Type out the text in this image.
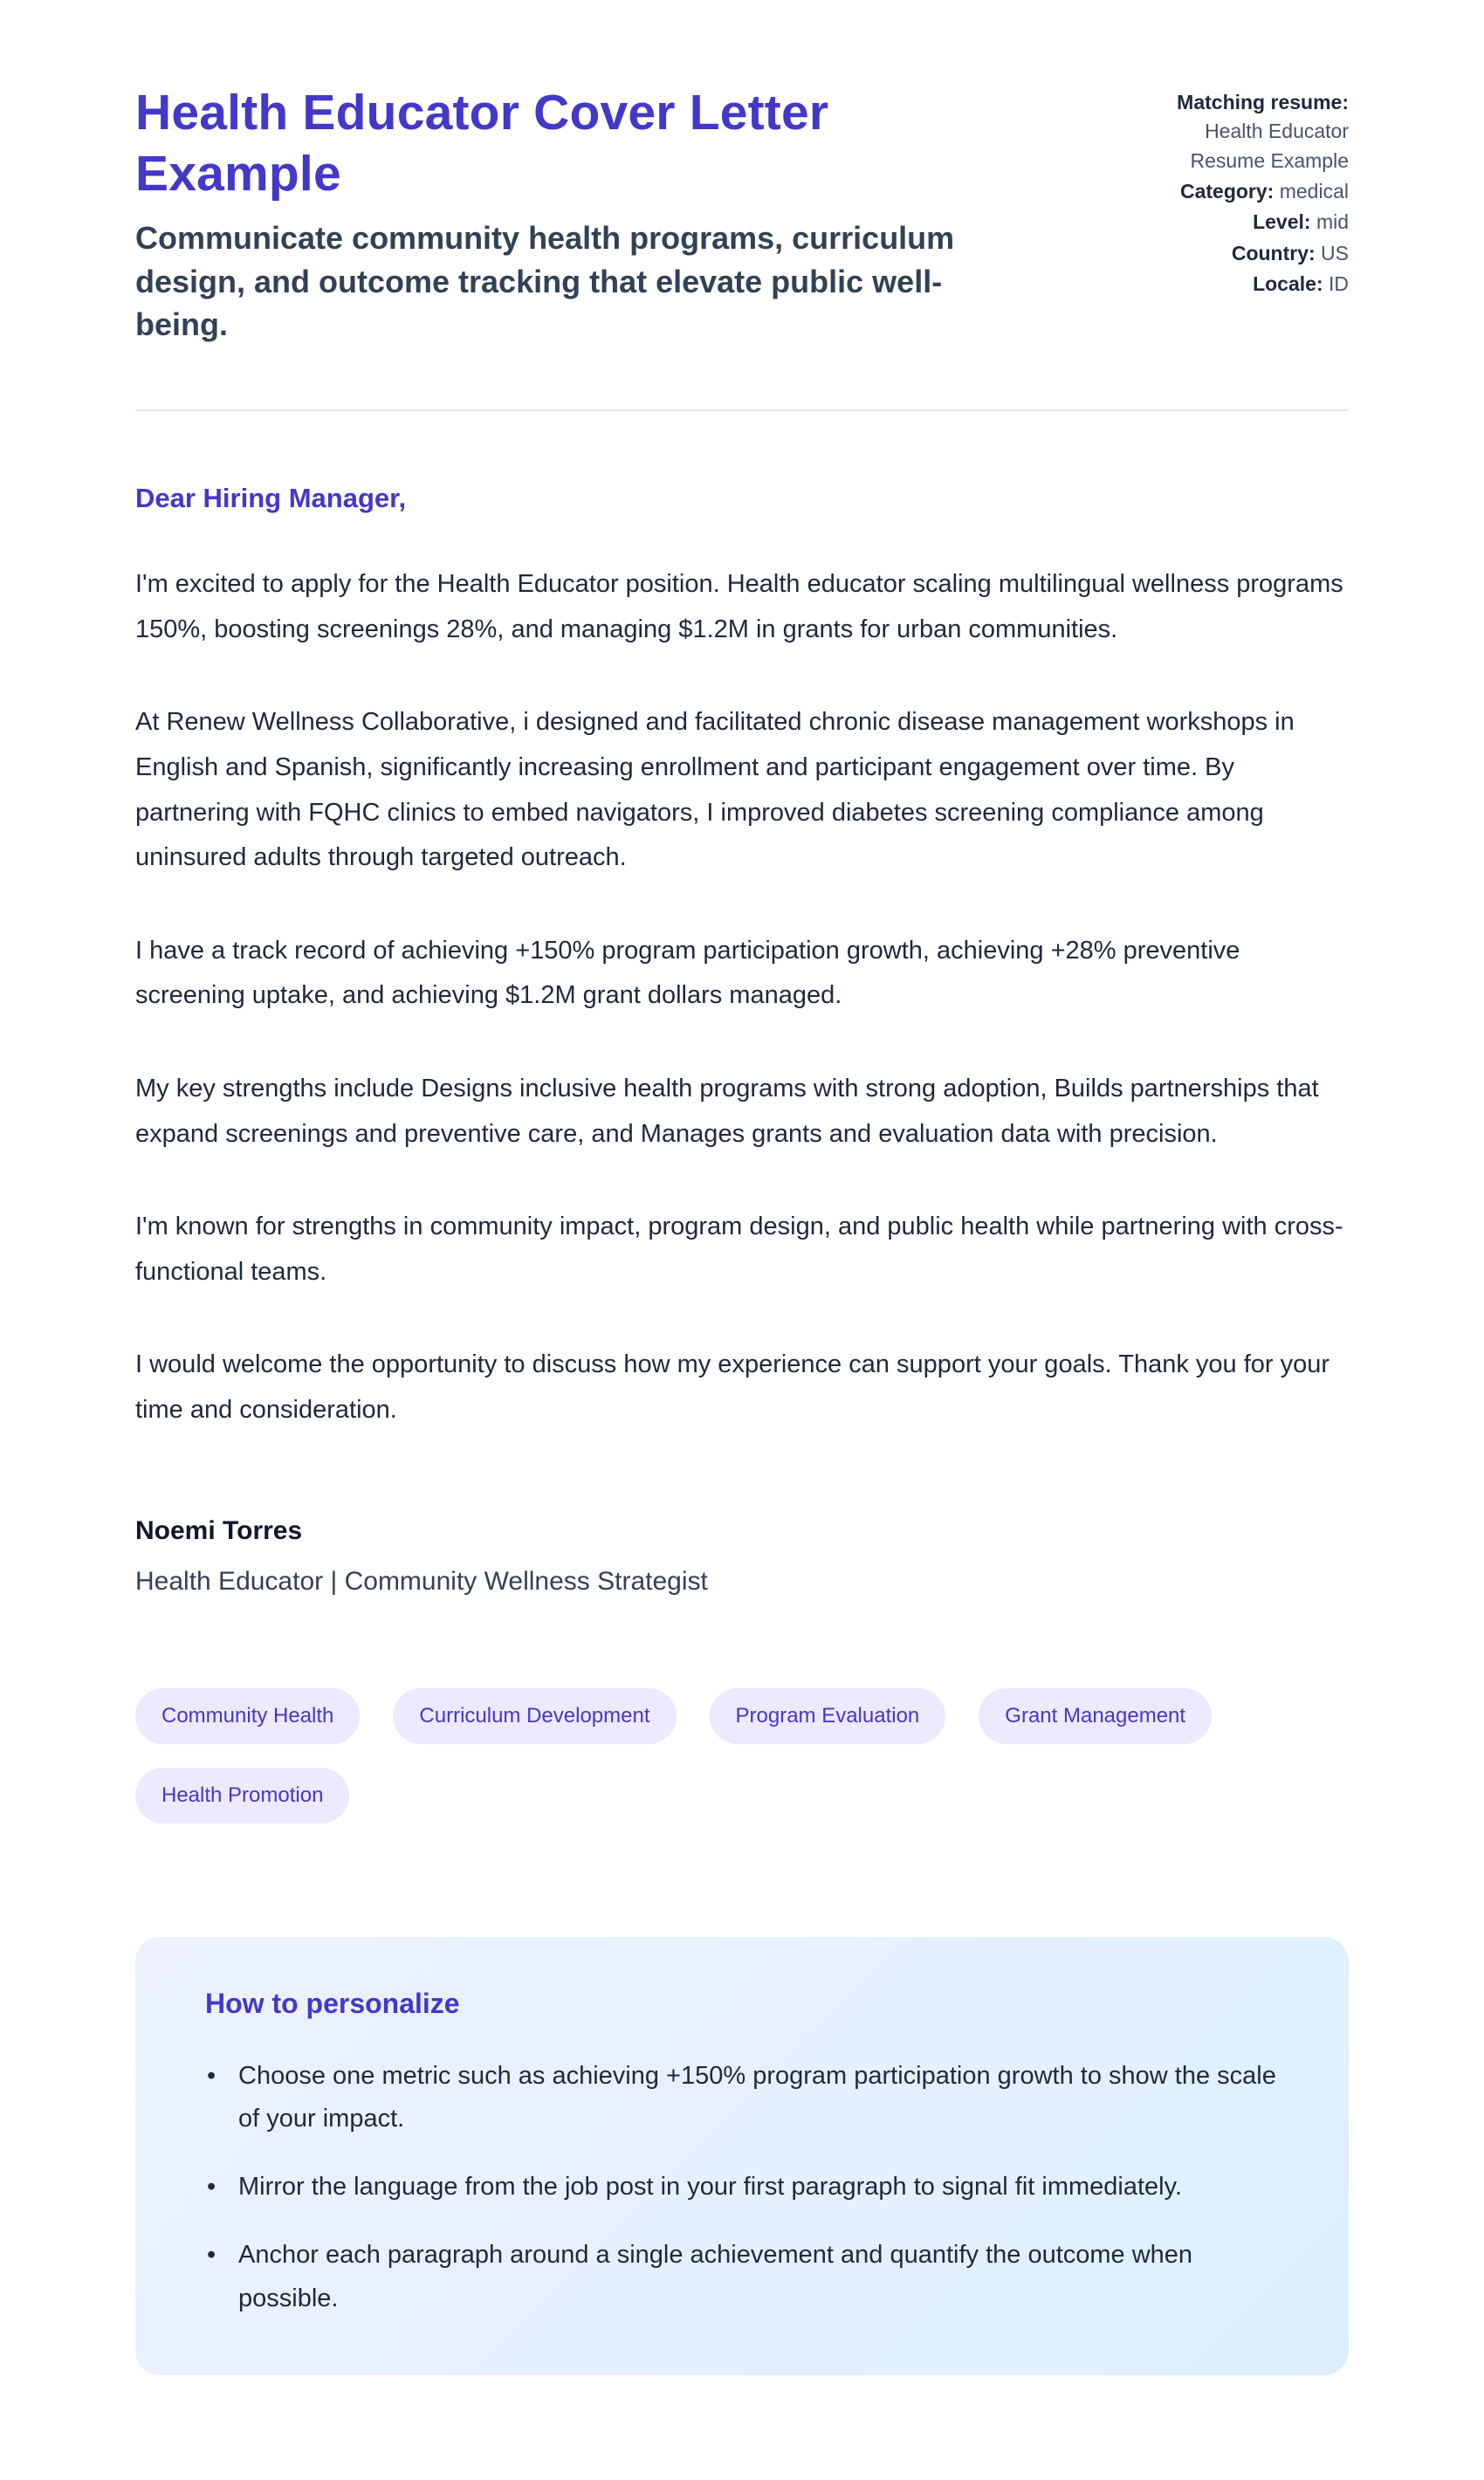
Health Educator Cover Letter Example
Communicate community health programs, curriculum design, and outcome tracking that elevate public well-being.
Matching resume: Health Educator Resume Example
Category: medical
Level: mid
Country: US
Locale: ID

Dear Hiring Manager,

I'm excited to apply for the Health Educator position. Health educator scaling multilingual wellness programs 150%, boosting screenings 28%, and managing $1.2M in grants for urban communities.

At Renew Wellness Collaborative, i designed and facilitated chronic disease management workshops in English and Spanish, significantly increasing enrollment and participant engagement over time. By partnering with FQHC clinics to embed navigators, I improved diabetes screening compliance among uninsured adults through targeted outreach.

I have a track record of achieving +150% program participation growth, achieving +28% preventive screening uptake, and achieving $1.2M grant dollars managed.

My key strengths include Designs inclusive health programs with strong adoption, Builds partnerships that expand screenings and preventive care, and Manages grants and evaluation data with precision.

I'm known for strengths in community impact, program design, and public health while partnering with cross-functional teams.

I would welcome the opportunity to discuss how my experience can support your goals. Thank you for your time and consideration.

Noemi Torres

Health Educator | Community Wellness Strategist

Community Health	Curriculum Development	Program Evaluation	Grant Management
Health Promotion
How to personalize
• Choose one metric such as achieving +150% program participation growth to show the scale of your impact.
• Mirror the language from the job post in your first paragraph to signal fit immediately.
• Anchor each paragraph around a single achievement and quantify the outcome when possible.
